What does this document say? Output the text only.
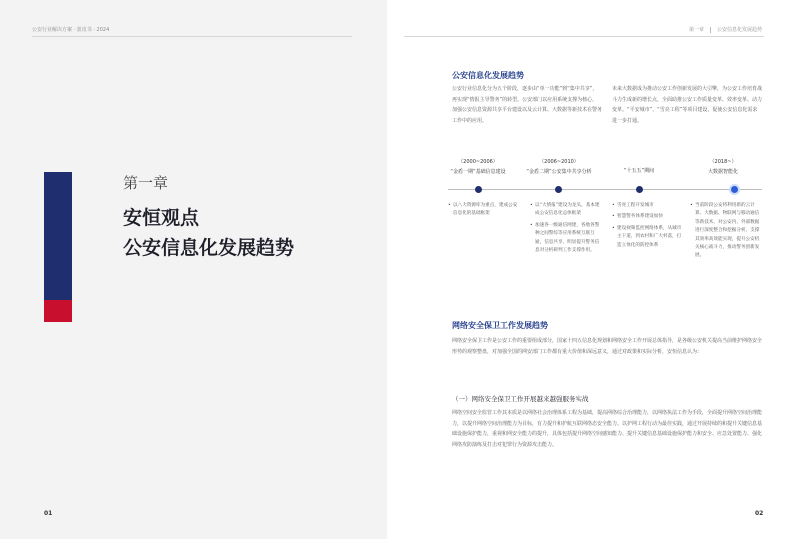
公安行业解决方案 · 蓝皮书 · 2024
第一章
安恒观点
公安信息化发展趋势
01
第一章	公安信息化发展趋势
公安信息化发展趋势
公安行业信息化分为五个阶段，逐步由“单一功能”到“集中共享”，再实现“情报主导警务”的转型。公安部门以应用系统支撑为核心，加强公安信息资源共享平台建设以及云计算、大数据等新技术在警务工作中的应用。
未来大数据成为推动公安工作创新发展的大引擎，为公安工作培育战斗力生成新的增长点，全面助推公安工作质量变革、效率变革、动力变革。“平安城市”、“雪亮工程”等项目建设，促使公安信息化需求进一步打通。
（2000~2006）
“金盾一期”基础信息建设
• 以八大资源库为重点，建成公安信息化的基础框架
（2006~2010）
“金盾二期”公安集中共享分析
• 以“大情报”建设为龙头，基本建成公安信息化总体框架
• 加速各一级通信网建，各地各警种之间警综等应用系统互联互通，信息共享，明显提升警务信息对分析研判工作支撑作用。

“十五五”期间
• 雪亮工程开发城市
• 智慧警务体系建设加快
• 建设视频监控网络体系，从城市主干道，到农村和广大村落，打造立体化的防控体系
（2018~）
大数据智能化
• 当前阶段公安将利用新的云计算、大数据、物联网与移动通信等新技术，对公安内、外部数据进行深度整合和挖掘分析，支撑其效率高效能实现，提升公安机关核心战斗力，推动警务创新发展。
网络安全保卫工作发展趋势
网络安全保卫工作是公安工作的重要组成部分，国家十四五信息化规划和网络安全工作开展总体指导，是各级公安机关提高当前维护网络安全形势的观察整盘，对加强全国的网安部门工作都有重大价值和深远意义，通过对政策和实际分析，安恒信息认为：
（一）网络安全保卫工作开展越来越强服务实战
网络空间安全监管工作其本质是以网络社会治理体系工程为基础，提高网络综合治理能力，以网络执法工作为手段，全面提升网络空间治理能力，以提升网络空间治理能力为目标，有力提升和护航互联网络态安全能力。以护网工程行动为最佳实践，通过开展持续的和提升关键信息基础设施保护能力，重视和网安全能力的提升，具体包括提升网络空间感知能力、提升关键信息基础设施保护能力和安全、应急处置能力、强化网络攻防演练及打击对犯罪行为资源攻击能力。
02
